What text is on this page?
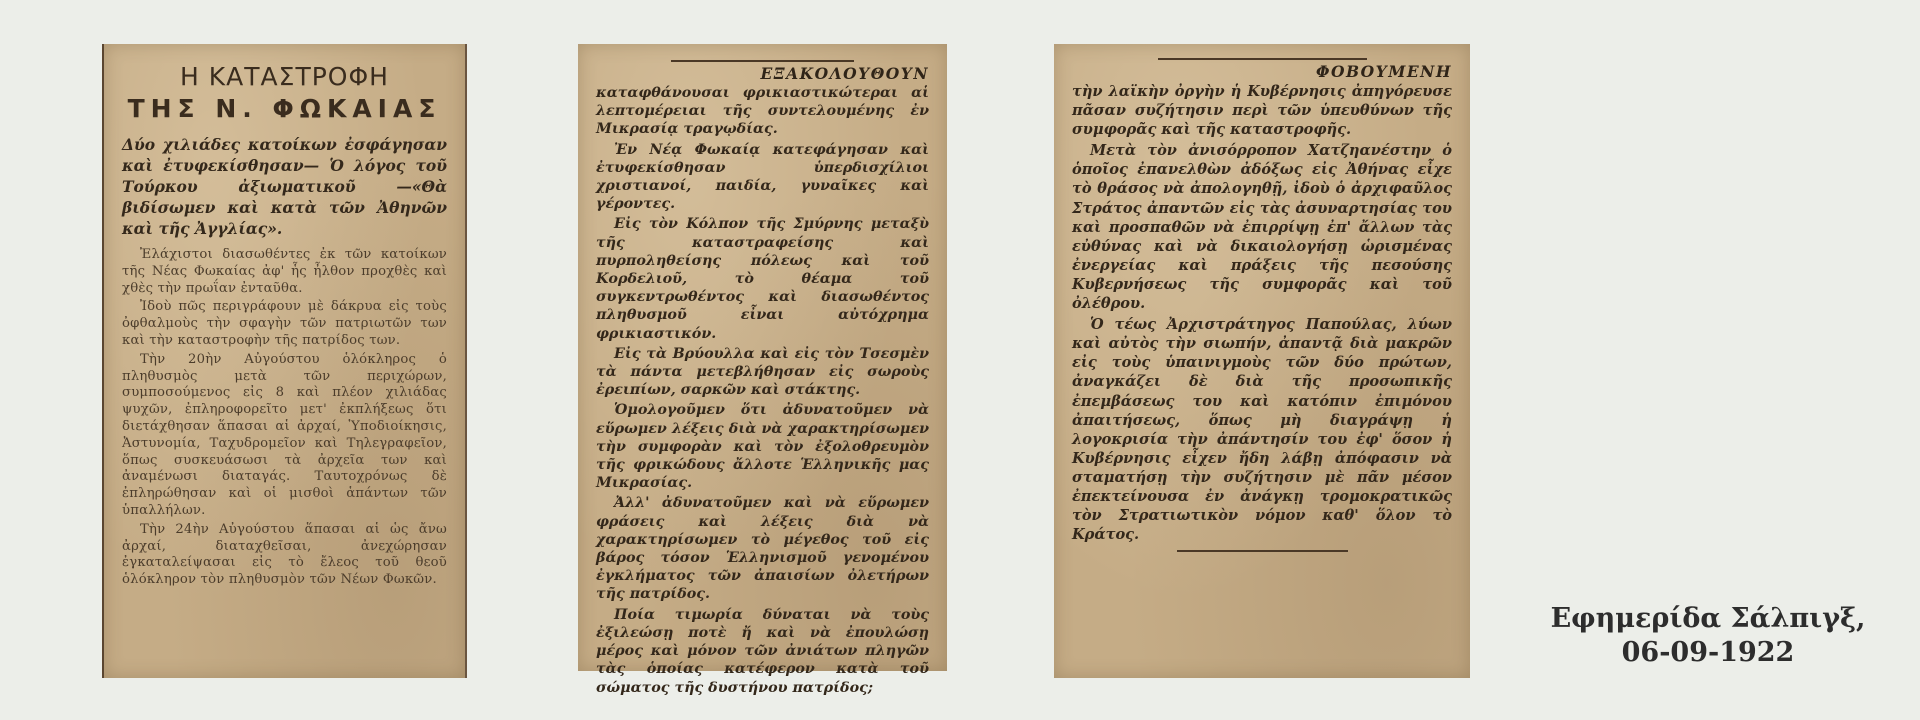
Η ΚΑΤΑΣΤΡΟΦΗ
ΤΗΣ Ν. ΦΩΚΑΙΑΣ

Δύο χιλιάδες κατοίκων ἐσφάγησαν καὶ ἐτυφεκίσθησαν— Ὁ λόγος τοῦ Τούρκου ἀξιωματικοῦ —«Θὰ βιδίσωμεν καὶ κατὰ τῶν Ἀθηνῶν καὶ τῆς Ἀγγλίας».

Ἐλάχιστοι διασωθέντες ἐκ τῶν κατοίκων τῆς Νέας Φωκαίας ἀφ' ἧς ἦλθον προχθὲς καὶ χθὲς τὴν πρωΐαν ἐνταῦθα.

Ἰδοὺ πῶς περιγράφουν μὲ δάκρυα εἰς τοὺς ὀφθαλμοὺς τὴν σφαγὴν τῶν πατριωτῶν των καὶ τὴν καταστροφὴν τῆς πατρίδος των.

Τὴν 20ὴν Αὐγούστου ὁλόκληρος ὁ πληθυσμὸς μετὰ τῶν περιχώρων, συμποσούμενος εἰς 8 καὶ πλέον χιλιάδας ψυχῶν, ἐπληροφορεῖτο μετ' ἐκπλήξεως ὅτι διετάχθησαν ἅπασαι αἱ ἀρχαί, Ὑποδιοίκησις, Ἀστυνομία, Ταχυδρομεῖον καὶ Τηλεγραφεῖον, ὅπως συσκευάσωσι τὰ ἀρχεῖα των καὶ ἀναμένωσι διαταγάς. Ταυτοχρόνως δὲ ἐπληρώθησαν καὶ οἱ μισθοὶ ἁπάντων τῶν ὑπαλλήλων.

Τὴν 24ὴν Αὐγούστου ἅπασαι αἱ ὡς ἄνω ἀρχαί, διαταχθεῖσαι, ἀνεχώρησαν ἐγκαταλείψασαι εἰς τὸ ἔλεος τοῦ θεοῦ ὁλόκληρον τὸν πληθυσμὸν τῶν Νέων Φωκῶν.

ΕΞΑΚΟΛΟΥΘΟΥΝ

καταφθάνουσαι φρικιαστικώτεραι αἱ λεπτομέρειαι τῆς συντελουμένης ἐν Μικρασίᾳ τραγῳδίας.

Ἐν Νέᾳ Φωκαίᾳ κατεφάγησαν καὶ ἐτυφεκίσθησαν ὑπερδισχίλιοι χριστιανοί, παιδία, γυναῖκες καὶ γέροντες.

Εἰς τὸν Κόλπον τῆς Σμύρνης μεταξὺ τῆς καταστραφείσης καὶ πυρποληθείσης πόλεως καὶ τοῦ Κορδελιοῦ, τὸ θέαμα τοῦ συγκεντρωθέντος καὶ διασωθέντος πληθυσμοῦ εἶναι αὐτόχρημα φρικιαστικόν.

Εἰς τὰ Βρύουλλα καὶ εἰς τὸν Τσεσμὲν τὰ πάντα μετεβλήθησαν εἰς σωροὺς ἐρειπίων, σαρκῶν καὶ στάκτης.

Ὁμολογοῦμεν ὅτι ἀδυνατοῦμεν νὰ εὕρωμεν λέξεις διὰ νὰ χαρακτηρίσωμεν τὴν συμφορὰν καὶ τὸν ἐξολοθρευμὸν τῆς φρικώδους ἄλλοτε Ἑλληνικῆς μας Μικρασίας.

Ἀλλ' ἀδυνατοῦμεν καὶ νὰ εὕρωμεν φράσεις καὶ λέξεις διὰ νὰ χαρακτηρίσωμεν τὸ μέγεθος τοῦ εἰς βάρος τόσον Ἑλληνισμοῦ γενομένου ἐγκλήματος τῶν ἀπαισίων ὀλετήρων τῆς πατρίδος.

Ποία τιμωρία δύναται νὰ τοὺς ἐξιλεώσῃ ποτὲ ἤ καὶ νὰ ἐπουλώσῃ μέρος καὶ μόνον τῶν ἀνιάτων πληγῶν τὰς ὁποίας κατέφερον κατὰ τοῦ σώματος τῆς δυστήνου πατρίδος;

ΦΟΒΟΥΜΕΝΗ

τὴν λαϊκὴν ὀργὴν ἡ Κυβέρνησις ἀπηγόρευσε πᾶσαν συζήτησιν περὶ τῶν ὑπευθύνων τῆς συμφορᾶς καὶ τῆς καταστροφῆς.

Μετὰ τὸν ἀνισόρροπον Χατζηανέστην ὁ ὁποῖος ἐπανελθὼν ἀδόξως εἰς Ἀθήνας εἶχε τὸ θράσος νὰ ἀπολογηθῇ, ἰδοὺ ὁ ἀρχιφαῦλος Στράτος ἀπαντῶν εἰς τὰς ἀσυναρτησίας του καὶ προσπαθῶν νὰ ἐπιρρίψῃ ἐπ' ἄλλων τὰς εὐθύνας καὶ νὰ δικαιολογήσῃ ὡρισμένας ἐνεργείας καὶ πράξεις τῆς πεσούσης Κυβερνήσεως τῆς συμφορᾶς καὶ τοῦ ὀλέθρου.

Ὁ τέως Ἀρχιστράτηγος Παπούλας, λύων καὶ αὐτὸς τὴν σιωπήν, ἀπαντᾷ διὰ μακρῶν εἰς τοὺς ὑπαινιγμοὺς τῶν δύο πρώτων, ἀναγκάζει δὲ διὰ τῆς προσωπικῆς ἐπεμβάσεως του καὶ κατόπιν ἐπιμόνου ἀπαιτήσεως, ὅπως μὴ διαγράψῃ ἡ λογοκρισία τὴν ἀπάντησίν του ἐφ' ὅσον ἡ Κυβέρνησις εἶχεν ἤδη λάβῃ ἀπόφασιν νὰ σταματήσῃ τὴν συζήτησιν μὲ πᾶν μέσον ἐπεκτείνουσα ἐν ἀνάγκῃ τρομοκρατικῶς τὸν Στρατιωτικὸν νόμον καθ' ὅλον τὸ Κράτος.

Εφημερίδα Σάλπιγξ,
06-09-1922
